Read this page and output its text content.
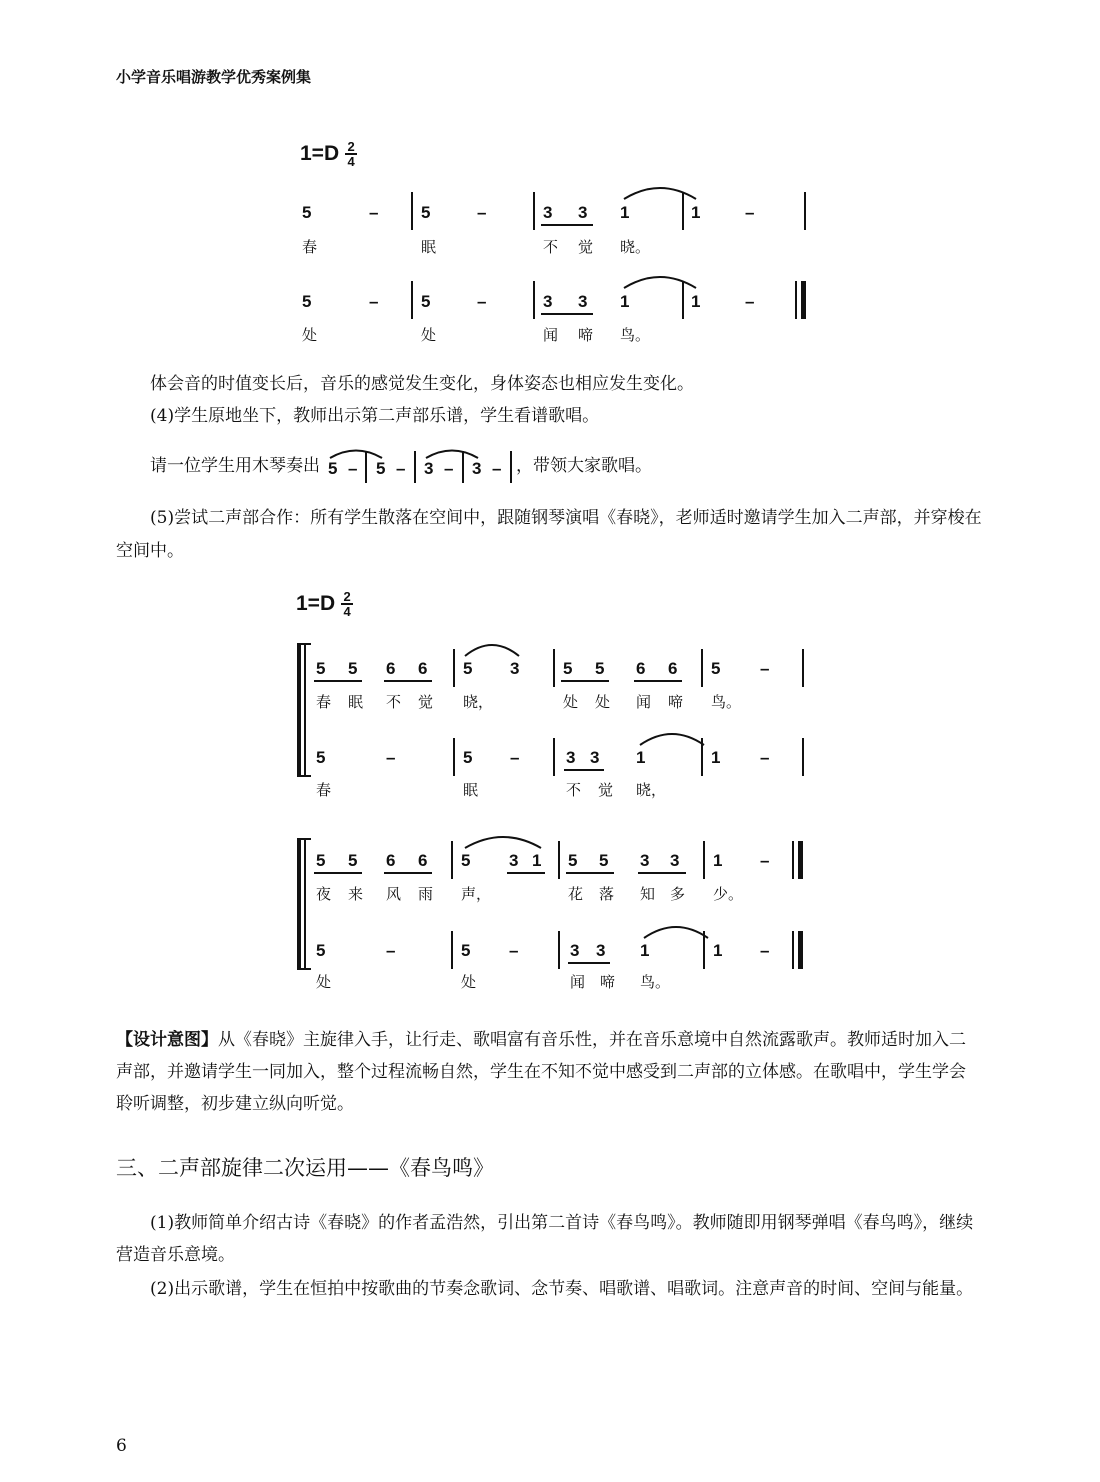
小学音乐唱游教学优秀案例集
$1=D \frac{2}{4}$
5	–	5	–	3 3 1	1	–
春	眠	不 觉 晓。
5	–	5	–	3 3 1	1	–
处	处	闻 啼 鸟。
体会音的时值变长后，音乐的感觉发生变化，身体姿态也相应发生变化。
(4)学生原地坐下，教师出示第二声部乐谱，学生看谱歌唱。
请一位学生用木琴奏出 5 – 5 – 3 – 3 – ，带领大家歌唱。
(5)尝试二声部合作：所有学生散落在空间中，跟随钢琴演唱《春晓》，老师适时邀请学生加入二声部，并穿梭在空间中。
$1=D \frac{2}{4}$
5 5 6 6 5 3	5 5 6 6 5 –
春 眠 不 觉 晓，	处 处 闻 啼 鸟。
5	–	5 –	3 3 1	1 –
春	眠	不 觉 晓，
5 5 6 6 5 3 1 5 5 3 3 1 –
夜 来 风 雨 声，	花 落 知 多 少。
5	–	5 –	3 3 1	1 –
处	处	闻 啼 鸟。
【设计意图】从《春晓》主旋律入手，让行走、歌唱富有音乐性，并在音乐意境中自然流露歌声。教师适时加入二声部，并邀请学生一同加入，整个过程流畅自然，学生在不知不觉中感受到二声部的立体感。在歌唱中，学生学会聆听调整，初步建立纵向听觉。
三、二声部旋律二次运用——《春鸟鸣》
(1)教师简单介绍古诗《春晓》的作者孟浩然，引出第二首诗《春鸟鸣》。教师随即用钢琴弹唱《春鸟鸣》，继续营造音乐意境。
(2)出示歌谱，学生在恒拍中按歌曲的节奏念歌词、念节奏、唱歌谱、唱歌词。注意声音的时间、空间与能量。
6
